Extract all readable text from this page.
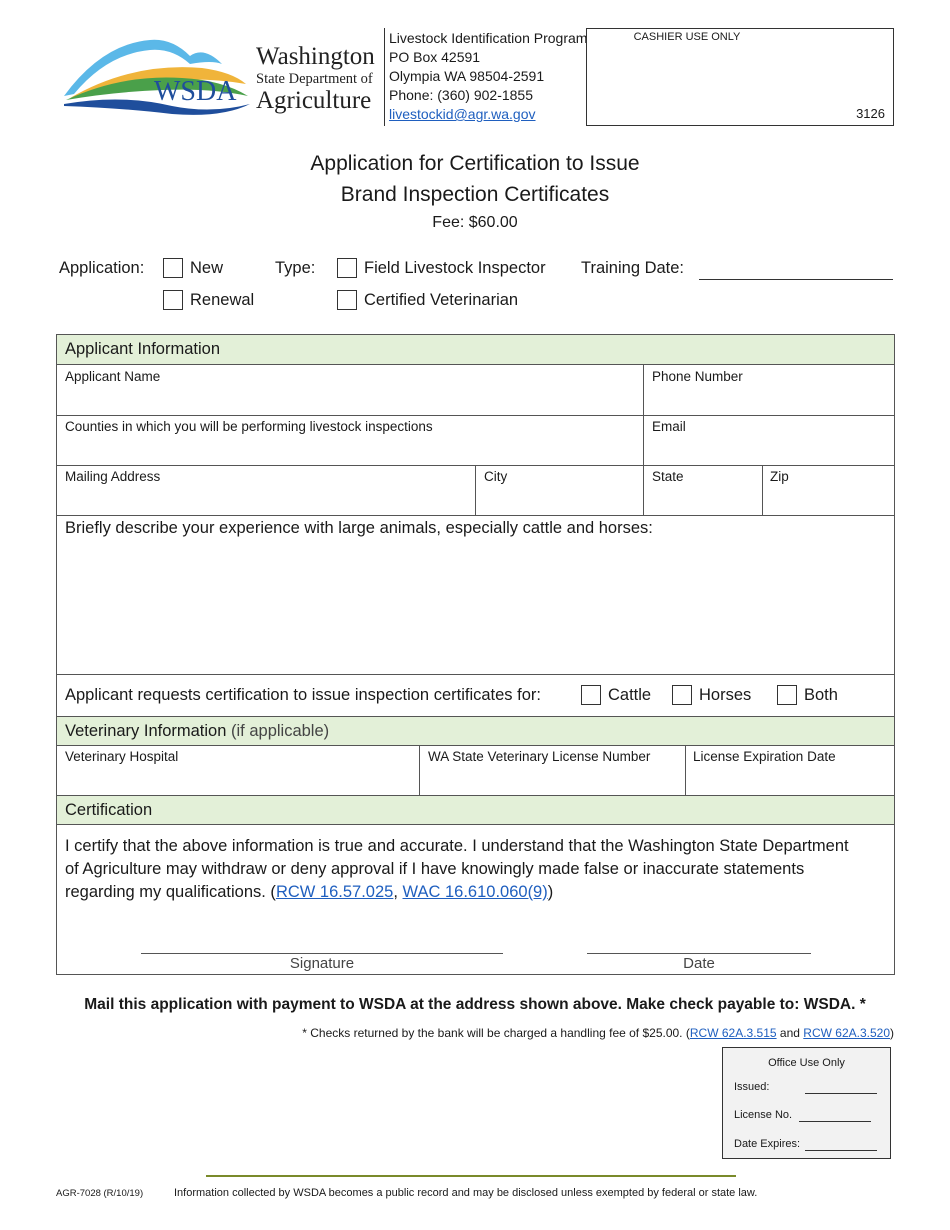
WSDA
Washington
State Department of
Agriculture
Livestock Identification Program
PO Box 42591
Olympia WA 98504-2591
Phone: (360) 902-1855
livestockid@agr.wa.gov
CASHIER USE ONLY
3126
Application for Certification to Issue
Brand Inspection Certificates
Fee: $60.00
Application:	New
Renewal
Type:	Field Livestock Inspector
Certified Veterinarian
Training Date:
Applicant Information
Applicant Name	Phone Number
Counties in which you will be performing livestock inspections	Email
Mailing Address	City	State	Zip
Briefly describe your experience with large animals, especially cattle and horses:
Applicant requests certification to issue inspection certificates for:	Cattle	Horses	Both
Veterinary Information (if applicable)
Veterinary Hospital	WA State Veterinary License Number	License Expiration Date
Certification
I certify that the above information is true and accurate. I understand that the Washington State Department of Agriculture may withdraw or deny approval if I have knowingly made false or inaccurate statements regarding my qualifications. (RCW 16.57.025, WAC 16.610.060(9))
Signature	Date
Mail this application with payment to WSDA at the address shown above. Make check payable to: WSDA. *
* Checks returned by the bank will be charged a handling fee of $25.00. (RCW 62A.3.515 and RCW 62A.3.520)
Office Use Only
Issued:
License No.
Date Expires:
AGR-7028 (R/10/19)	Information collected by WSDA becomes a public record and may be disclosed unless exempted by federal or state law.
